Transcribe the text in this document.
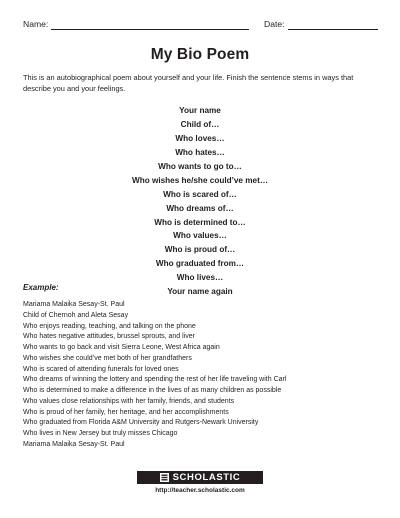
Name:	Date:
My Bio Poem
This is an autobiographical poem about yourself and your life. Finish the sentence stems in ways that describe you and your feelings.
Your name
Child of…
Who loves…
Who hates…
Who wants to go to…
Who wishes he/she could’ve met…
Who is scared of…
Who dreams of…
Who is determined to…
Who values…
Who is proud of…
Who graduated from…
Who lives…
Your name again
Example:
Mariama Malaika Sesay-St. Paul
Child of Chernoh and Aleta Sesay
Who enjoys reading, teaching, and talking on the phone
Who hates negative attitudes, brussel sprouts, and liver
Who wants to go back and visit Sierra Leone, West Africa again
Who wishes she could’ve met both of her grandfathers
Who is scared of attending funerals for loved ones
Who dreams of winning the lottery and spending the rest of her life traveling with Carl
Who is determined to make a difference in the lives of as many children as possible
Who values close relationships with her family, friends, and students
Who is proud of her family, her heritage, and her accomplishments
Who graduated from Florida A&M University and Rutgers-Newark University
Who lives in New Jersey but truly misses Chicago
Mariama Malaika Sesay-St. Paul
SCHOLASTIC
http://teacher.scholastic.com
